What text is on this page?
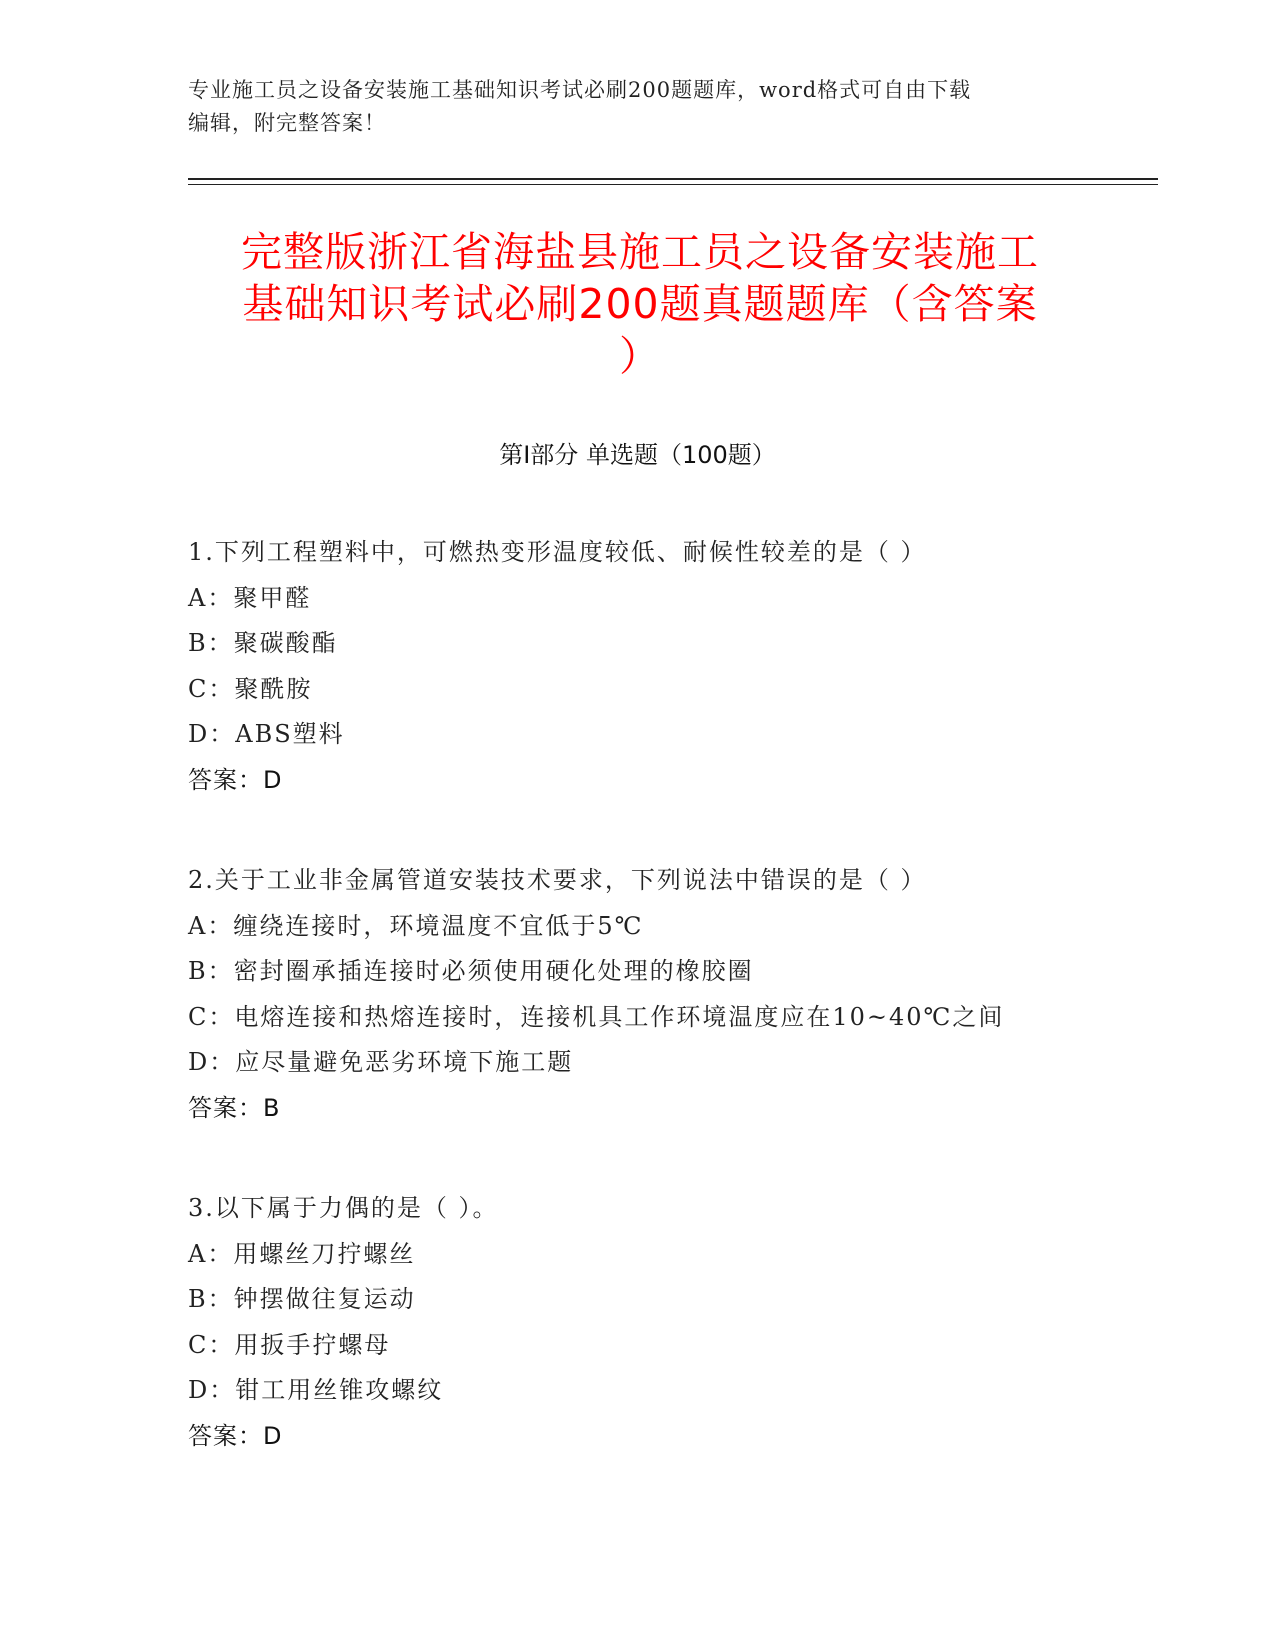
专业施工员之设备安装施工基础知识考试必刷200题题库，word格式可自由下载
编辑，附完整答案！
完整版浙江省海盐县施工员之设备安装施工
基础知识考试必刷200题真题题库（含答案
）
第Ⅰ部分 单选题（100题）
1.下列工程塑料中，可燃热变形温度较低、耐候性较差的是（ ）
A：聚甲醛
B：聚碳酸酯
C：聚酰胺
D：ABS塑料
答案：D
2.关于工业非金属管道安装技术要求，下列说法中错误的是（ ）
A：缠绕连接时，环境温度不宜低于5℃
B：密封圈承插连接时必须使用硬化处理的橡胶圈
C：电熔连接和热熔连接时，连接机具工作环境温度应在10~40℃之间
D：应尽量避免恶劣环境下施工题
答案：B
3.以下属于力偶的是（ ）。
A：用螺丝刀拧螺丝
B：钟摆做往复运动
C：用扳手拧螺母
D：钳工用丝锥攻螺纹
答案：D
